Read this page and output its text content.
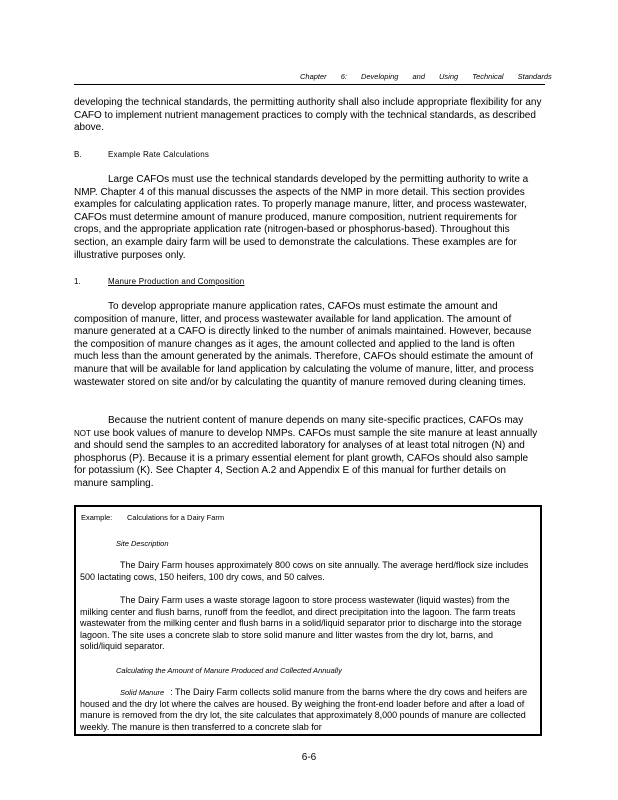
Chapter 6: Developing and Using Technical Standards

developing the technical standards, the permitting authority shall also include appropriate flexibility for any CAFO to implement nutrient management practices to comply with the technical standards, as described above.

B.	Example Rate Calculations

Large CAFOs must use the technical standards developed by the permitting authority to write a NMP. Chapter 4 of this manual discusses the aspects of the NMP in more detail. This section provides examples for calculating application rates. To properly manage manure, litter, and process wastewater, CAFOs must determine amount of manure produced, manure composition, nutrient requirements for crops, and the appropriate application rate (nitrogen-based or phosphorus-based). Throughout this section, an example dairy farm will be used to demonstrate the calculations. These examples are for illustrative purposes only.

1.	Manure Production and Composition

To develop appropriate manure application rates, CAFOs must estimate the amount and composition of manure, litter, and process wastewater available for land application. The amount of manure generated at a CAFO is directly linked to the number of animals maintained. However, because the composition of manure changes as it ages, the amount collected and applied to the land is often much less than the amount generated by the animals. Therefore, CAFOs should estimate the amount of manure that will be available for land application by calculating the volume of manure, litter, and process wastewater stored on site and/or by calculating the quantity of manure removed during cleaning times.

Because the nutrient content of manure depends on many site-specific practices, CAFOs may NOT use book values of manure to develop NMPs. CAFOs must sample the site manure at least annually and should send the samples to an accredited laboratory for analyses of at least total nitrogen (N) and phosphorus (P). Because it is a primary essential element for plant growth, CAFOs should also sample for potassium (K). See Chapter 4, Section A.2 and Appendix E of this manual for further details on manure sampling.

Example: Calculations for a Dairy Farm
Site Description

The Dairy Farm houses approximately 800 cows on site annually. The average herd/flock size includes 500 lactating cows, 150 heifers, 100 dry cows, and 50 calves.

The Dairy Farm uses a waste storage lagoon to store process wastewater (liquid wastes) from the milking center and flush barns, runoff from the feedlot, and direct precipitation into the lagoon. The farm treats wastewater from the milking center and flush barns in a solid/liquid separator prior to discharge into the storage lagoon. The site uses a concrete slab to store solid manure and litter wastes from the dry lot, barns, and solid/liquid separator.

Calculating the Amount of Manure Produced and Collected Annually

Solid Manure : The Dairy Farm collects solid manure from the barns where the dry cows and heifers are housed and the dry lot where the calves are housed. By weighing the front-end loader before and after a load of manure is removed from the dry lot, the site calculates that approximately 8,000 pounds of manure are collected weekly. The manure is then transferred to a concrete slab for

6-6
